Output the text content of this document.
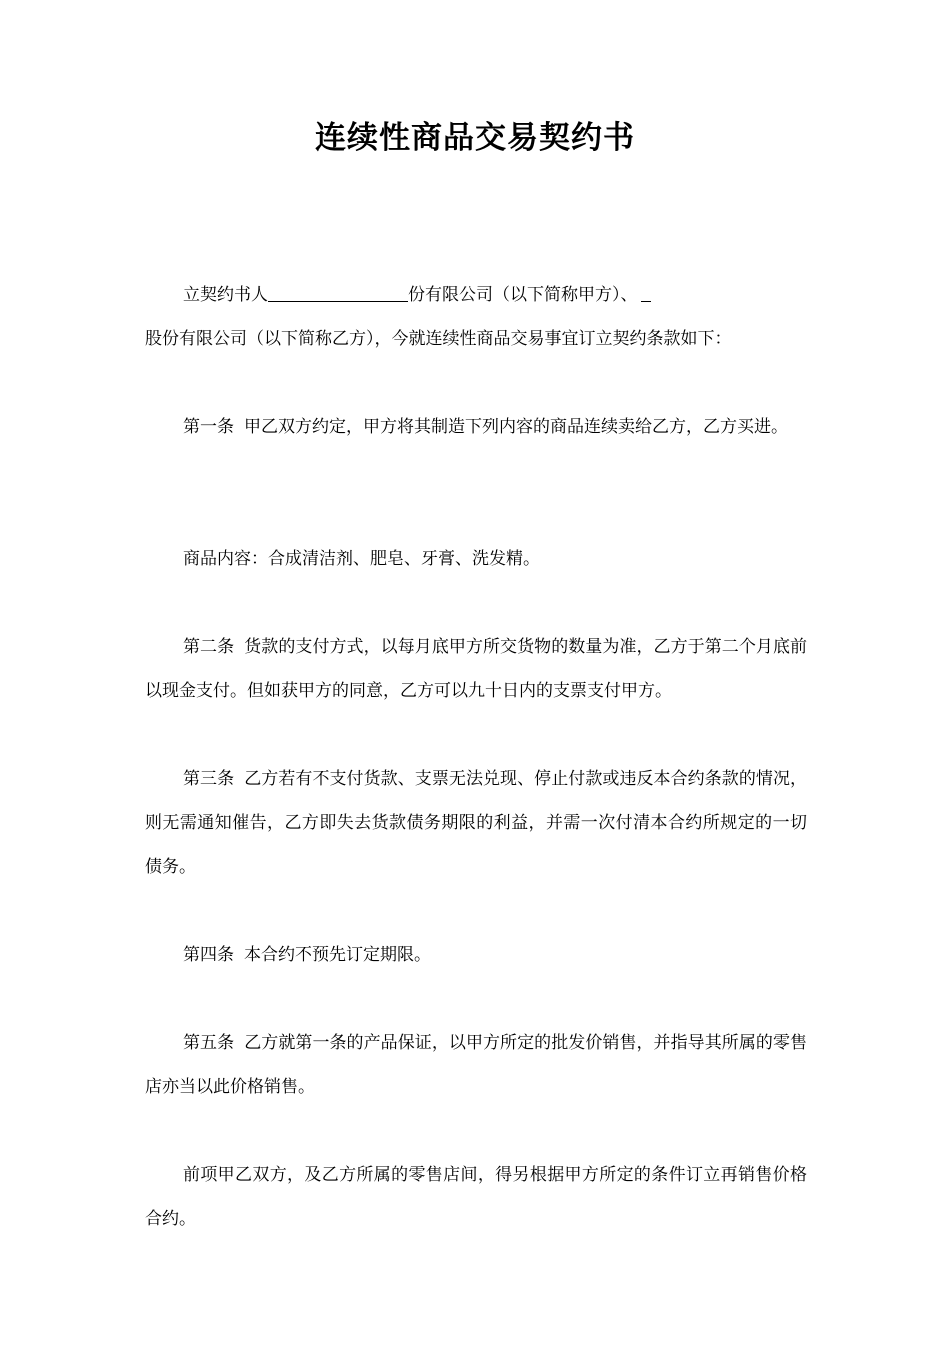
连续性商品交易契约书

立契约书人	份有限公司（以下简称甲方）、
股份有限公司（以下简称乙方），今就连续性商品交易事宜订立契约条款如下：

第一条 甲乙双方约定，甲方将其制造下列内容的商品连续卖给乙方，乙方买进。

商品内容：合成清洁剂、肥皂、牙膏、洗发精。

第二条 货款的支付方式，以每月底甲方所交货物的数量为准，乙方于第二个月底前以现金支付。但如获甲方的同意，乙方可以九十日内的支票支付甲方。

第三条 乙方若有不支付货款、支票无法兑现、停止付款或违反本合约条款的情况，则无需通知催告，乙方即失去货款债务期限的利益，并需一次付清本合约所规定的一切债务。

第四条 本合约不预先订定期限。

第五条 乙方就第一条的产品保证，以甲方所定的批发价销售，并指导其所属的零售店亦当以此价格销售。

前项甲乙双方，及乙方所属的零售店间，得另根据甲方所定的条件订立再销售价格合约。
